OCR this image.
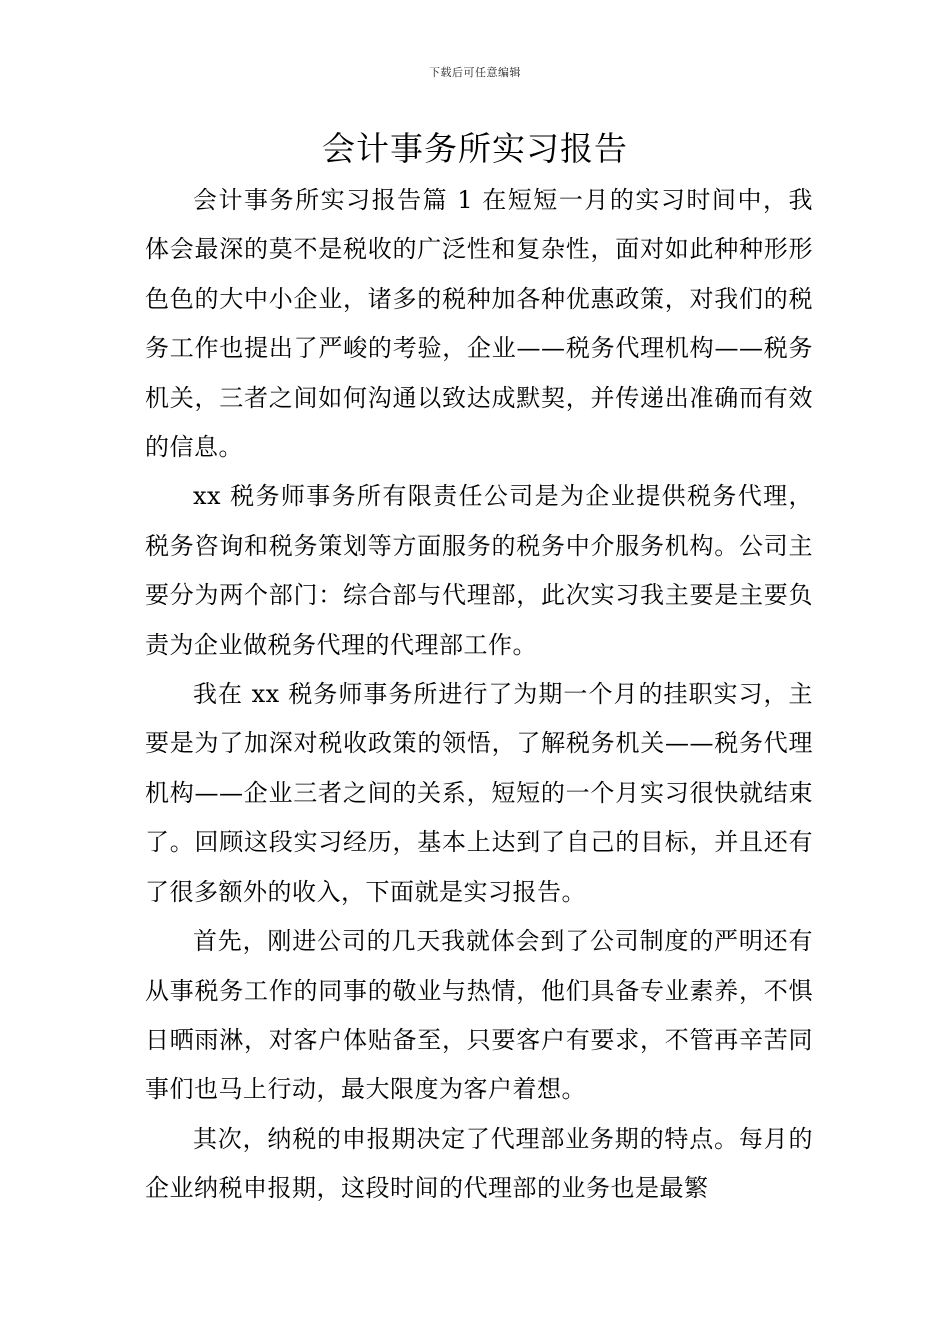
下载后可任意编辑
会计事务所实习报告

会计事务所实习报告篇 1 在短短一月的实习时间中，我体会最深的莫不是税收的广泛性和复杂性，面对如此种种形形色色的大中小企业，诸多的税种加各种优惠政策，对我们的税务工作也提出了严峻的考验，企业——税务代理机构——税务机关，三者之间如何沟通以致达成默契，并传递出准确而有效的信息。

xx 税务师事务所有限责任公司是为企业提供税务代理，税务咨询和税务策划等方面服务的税务中介服务机构。公司主要分为两个部门：综合部与代理部，此次实习我主要是主要负责为企业做税务代理的代理部工作。

我在 xx 税务师事务所进行了为期一个月的挂职实习，主要是为了加深对税收政策的领悟，了解税务机关——税务代理机构——企业三者之间的关系，短短的一个月实习很快就结束了。回顾这段实习经历，基本上达到了自己的目标，并且还有了很多额外的收入，下面就是实习报告。

首先，刚进公司的几天我就体会到了公司制度的严明还有从事税务工作的同事的敬业与热情，他们具备专业素养，不惧日晒雨淋，对客户体贴备至，只要客户有要求，不管再辛苦同事们也马上行动，最大限度为客户着想。

其次，纳税的申报期决定了代理部业务期的特点。每月的企业纳税申报期，这段时间的代理部的业务也是最繁
